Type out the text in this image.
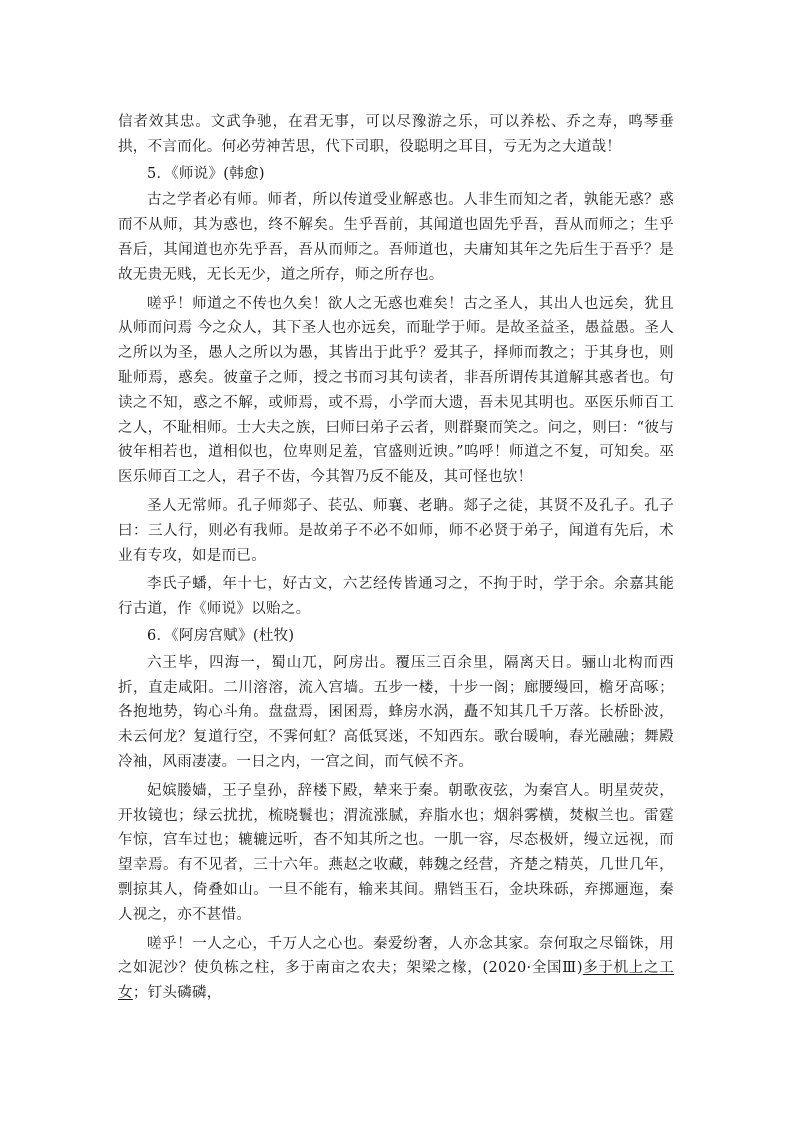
信者效其忠。文武争驰，在君无事，可以尽豫游之乐，可以养松、乔之寿，鸣琴垂拱，不言而化。何必劳神苦思，代下司职，役聪明之耳目，亏无为之大道哉！

5．《师说》(韩愈)

古之学者必有师。师者，所以传道受业解惑也。人非生而知之者，孰能无惑？惑而不从师，其为惑也，终不解矣。生乎吾前，其闻道也固先乎吾，吾从而师之；生乎吾后，其闻道也亦先乎吾，吾从而师之。吾师道也，夫庸知其年之先后生于吾乎？是故无贵无贱，无长无少，道之所存，师之所存也。

嗟乎！师道之不传也久矣！欲人之无惑也难矣！古之圣人，其出人也远矣，犹且从师而问焉 今之众人，其下圣人也亦远矣，而耻学于师。是故圣益圣，愚益愚。圣人之所以为圣，愚人之所以为愚，其皆出于此乎？爱其子，择师而教之；于其身也，则耻师焉，惑矣。彼童子之师，授之书而习其句读者，非吾所谓传其道解其惑者也。句读之不知，惑之不解，或师焉，或不焉，小学而大遗，吾未见其明也。巫医乐师百工之人，不耻相师。士大夫之族，曰师曰弟子云者，则群聚而笑之。问之，则曰：“彼与彼年相若也，道相似也，位卑则足羞，官盛则近谀。”呜呼！师道之不复，可知矣。巫医乐师百工之人，君子不齿，今其智乃反不能及，其可怪也欤！

圣人无常师。孔子师郯子、苌弘、师襄、老聃。郯子之徒，其贤不及孔子。孔子曰：三人行，则必有我师。是故弟子不必不如师，师不必贤于弟子，闻道有先后，术业有专攻，如是而已。

李氏子蟠，年十七，好古文，六艺经传皆通习之，不拘于时，学于余。余嘉其能行古道，作《师说》以贻之。

6．《阿房宫赋》(杜牧)

六王毕，四海一，蜀山兀，阿房出。覆压三百余里，隔离天日。骊山北构而西折，直走咸阳。二川溶溶，流入宫墙。五步一楼，十步一阁；廊腰缦回，檐牙高啄；各抱地势，钩心斗角。盘盘焉，囷囷焉，蜂房水涡，矗不知其几千万落。长桥卧波，未云何龙？复道行空，不霁何虹？高低冥迷，不知西东。歌台暖响，春光融融；舞殿冷袖，风雨凄凄。一日之内，一宫之间，而气候不齐。

妃嫔媵嫱，王子皇孙，辞楼下殿，辇来于秦。朝歌夜弦，为秦宫人。明星荧荧，开妆镜也；绿云扰扰，梳晓鬟也；渭流涨腻，弃脂水也；烟斜雾横，焚椒兰也。雷霆乍惊，宫车过也；辘辘远听，杳不知其所之也。一肌一容，尽态极妍，缦立远视，而望幸焉。有不见者，三十六年。燕赵之收藏，韩魏之经营，齐楚之精英，几世几年，剽掠其人，倚叠如山。一旦不能有，输来其间。鼎铛玉石，金块珠砾，弃掷逦迤，秦人视之，亦不甚惜。

嗟乎！一人之心，千万人之心也。秦爱纷奢，人亦念其家。奈何取之尽锱铢，用之如泥沙？使负栋之柱，多于南亩之农夫；架梁之椽，(2020·全国Ⅲ)多于机上之工女；钉头磷磷，
